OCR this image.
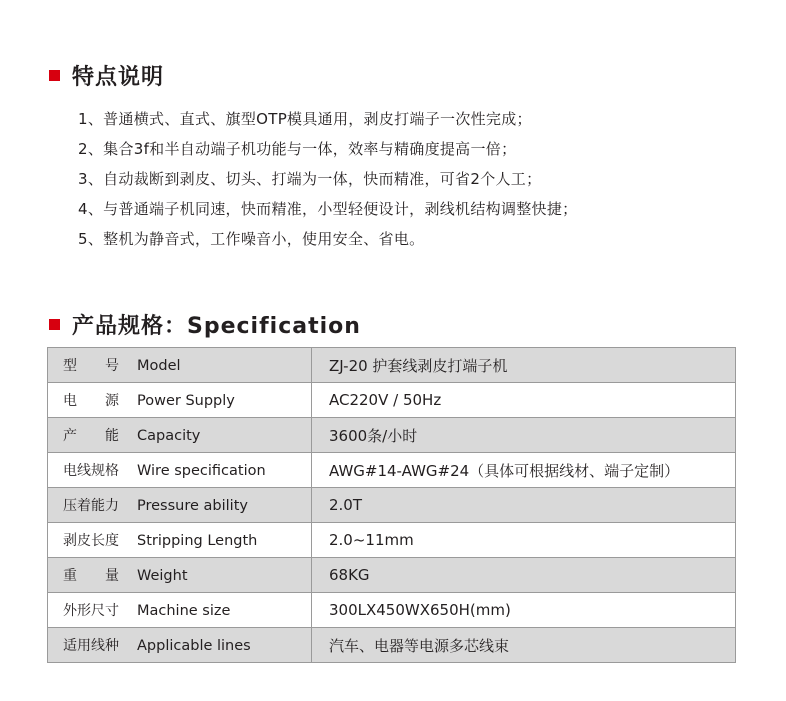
特点说明
1、普通横式、直式、旗型OTP模具通用，剥皮打端子一次性完成；
2、集合3f和半自动端子机功能与一体，效率与精确度提高一倍；
3、自动裁断到剥皮、切头、打端为一体，快而精准，可省2个人工；
4、与普通端子机同速，快而精准，小型轻便设计，剥线机结构调整快捷；
5、整机为静音式，工作噪音小，使用安全、省电。
产品规格：Specification
型　　号 Model	ZJ-20 护套线剥皮打端子机
电　　源 Power Supply	AC220V / 50Hz
产　　能 Capacity	3600条/小时
电线规格 Wire specification	AWG#14-AWG#24（具体可根据线材、端子定制）
压着能力 Pressure ability	2.0T
剥皮长度 Stripping Length	2.0~11mm
重　　量 Weight	68KG
外形尺寸 Machine size	300LX450WX650H(mm)
适用线种 Applicable lines	汽车、电器等电源多芯线束
